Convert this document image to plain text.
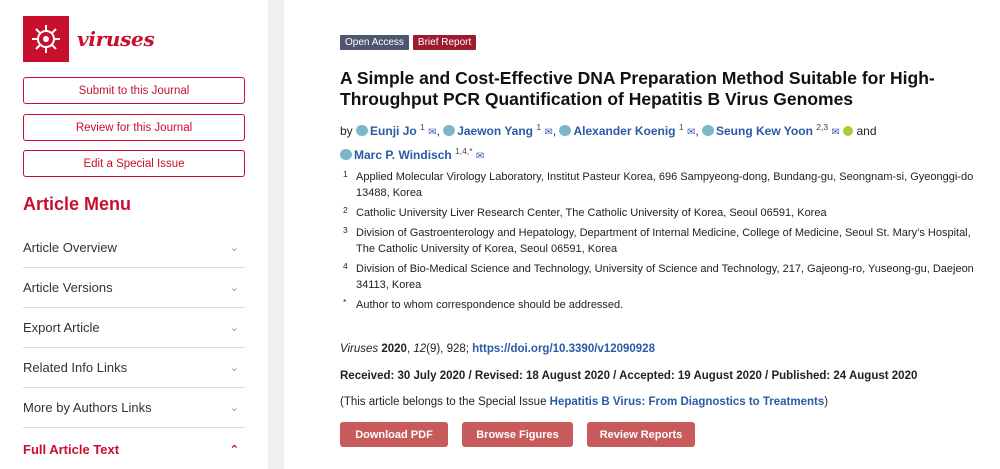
viruses
Submit to this Journal
Review for this Journal
Edit a Special Issue
Article Menu
Article Overview	⌄
Article Versions	⌄
Export Article	⌄
Related Info Links	⌄
More by Authors Links	⌄
Full Article Text	⌃
Open Access	Brief Report
A Simple and Cost-Effective DNA Preparation Method Suitable for High-Throughput PCR Quantification of Hepatitis B Virus Genomes
by Eunji Jo $^1$ ✉, Jaewon Yang $^1$ ✉, Alexander Koenig $^1$ ✉, Seung Kew Yoon $^{2,3}$ ✉ and
Marc P. Windisch $^{1,4,*}$ ✉
1 Applied Molecular Virology Laboratory, Institut Pasteur Korea, 696 Sampyeong-dong, Bundang-gu, Seongnam-si, Gyeonggi-do 13488, Korea
2 Catholic University Liver Research Center, The Catholic University of Korea, Seoul 06591, Korea
3 Division of Gastroenterology and Hepatology, Department of Internal Medicine, College of Medicine, Seoul St. Mary’s Hospital, The Catholic University of Korea, Seoul 06591, Korea
4 Division of Bio-Medical Science and Technology, University of Science and Technology, 217, Gajeong-ro, Yuseong-gu, Daejeon 34113, Korea
* Author to whom correspondence should be addressed.
Viruses 2020, 12(9), 928; https://doi.org/10.3390/v12090928
Received: 30 July 2020 / Revised: 18 August 2020 / Accepted: 19 August 2020 / Published: 24 August 2020
(This article belongs to the Special Issue Hepatitis B Virus: From Diagnostics to Treatments)
Download PDF	Browse Figures	Review Reports
